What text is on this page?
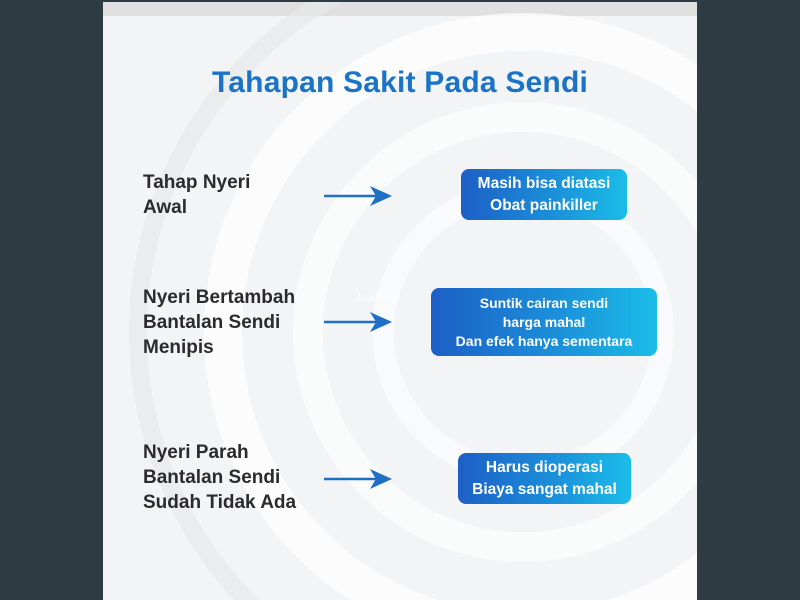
Tahapan Sakit Pada Sendi
Tahap Nyeri
Awal
Masih bisa diatasi
Obat painkiller
Nyeri Bertambah
Bantalan Sendi
Menipis
Suntik cairan sendi
harga mahal
Dan efek hanya sementara
Jual-beli
Nyeri Parah
Bantalan Sendi
Sudah Tidak Ada
Harus dioperasi
Biaya sangat mahal
